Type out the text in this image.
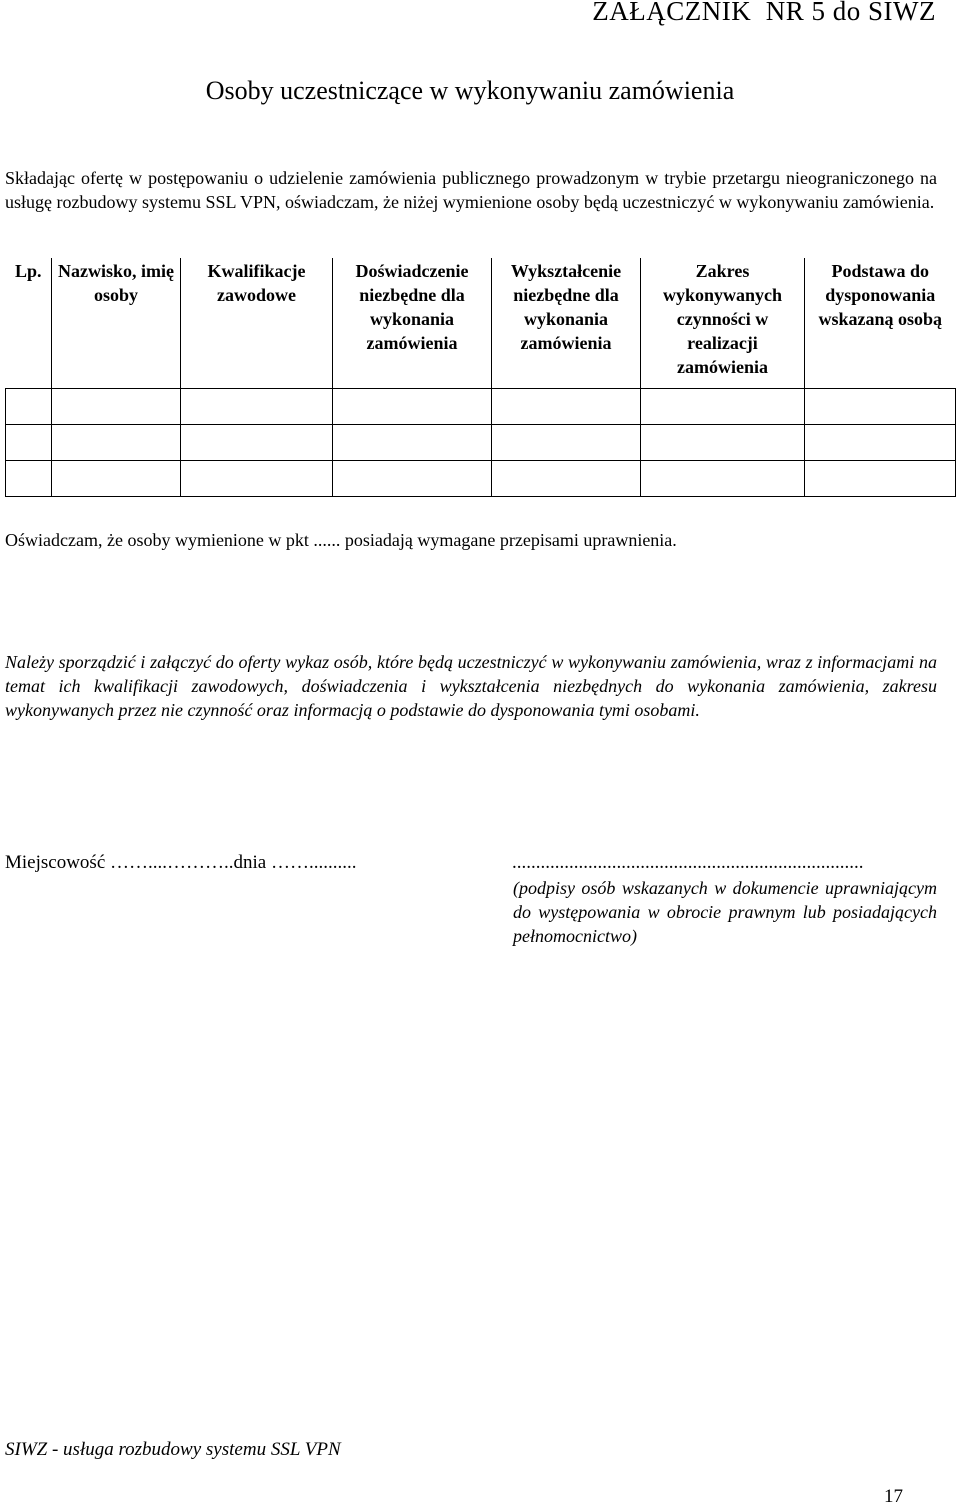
ZAŁĄCZNIK  NR 5 do SIWZ
Osoby uczestniczące w wykonywaniu zamówienia
Składając ofertę w postępowaniu o udzielenie zamówienia publicznego prowadzonym w trybie przetargu nieograniczonego na usługę rozbudowy systemu SSL VPN, oświadczam, że niżej wymienione osoby będą uczestniczyć w wykonywaniu zamówienia.
Lp.	Nazwisko, imię osoby	Kwalifikacje zawodowe	Doświadczenie niezbędne dla wykonania zamówienia	Wykształcenie niezbędne dla wykonania zamówienia	Zakres wykonywanych czynności w realizacji zamówienia	Podstawa do dysponowania wskazaną osobą

Oświadczam, że osoby wymienione w pkt ...... posiadają wymagane przepisami uprawnienia.
Należy sporządzić i załączyć do oferty wykaz osób, które będą uczestniczyć w wykonywaniu zamówienia, wraz z informacjami na temat ich kwalifikacji zawodowych, doświadczenia i wykształcenia niezbędnych do wykonania zamówienia, zakresu wykonywanych przez nie czynność oraz informacją o podstawie do dysponowania tymi osobami.
Miejscowość ……....………..dnia ……..........	..........................................................................
(podpisy osób wskazanych w dokumencie uprawniającym do występowania w obrocie prawnym lub posiadających pełnomocnictwo)
SIWZ - usługa rozbudowy systemu SSL VPN
17
